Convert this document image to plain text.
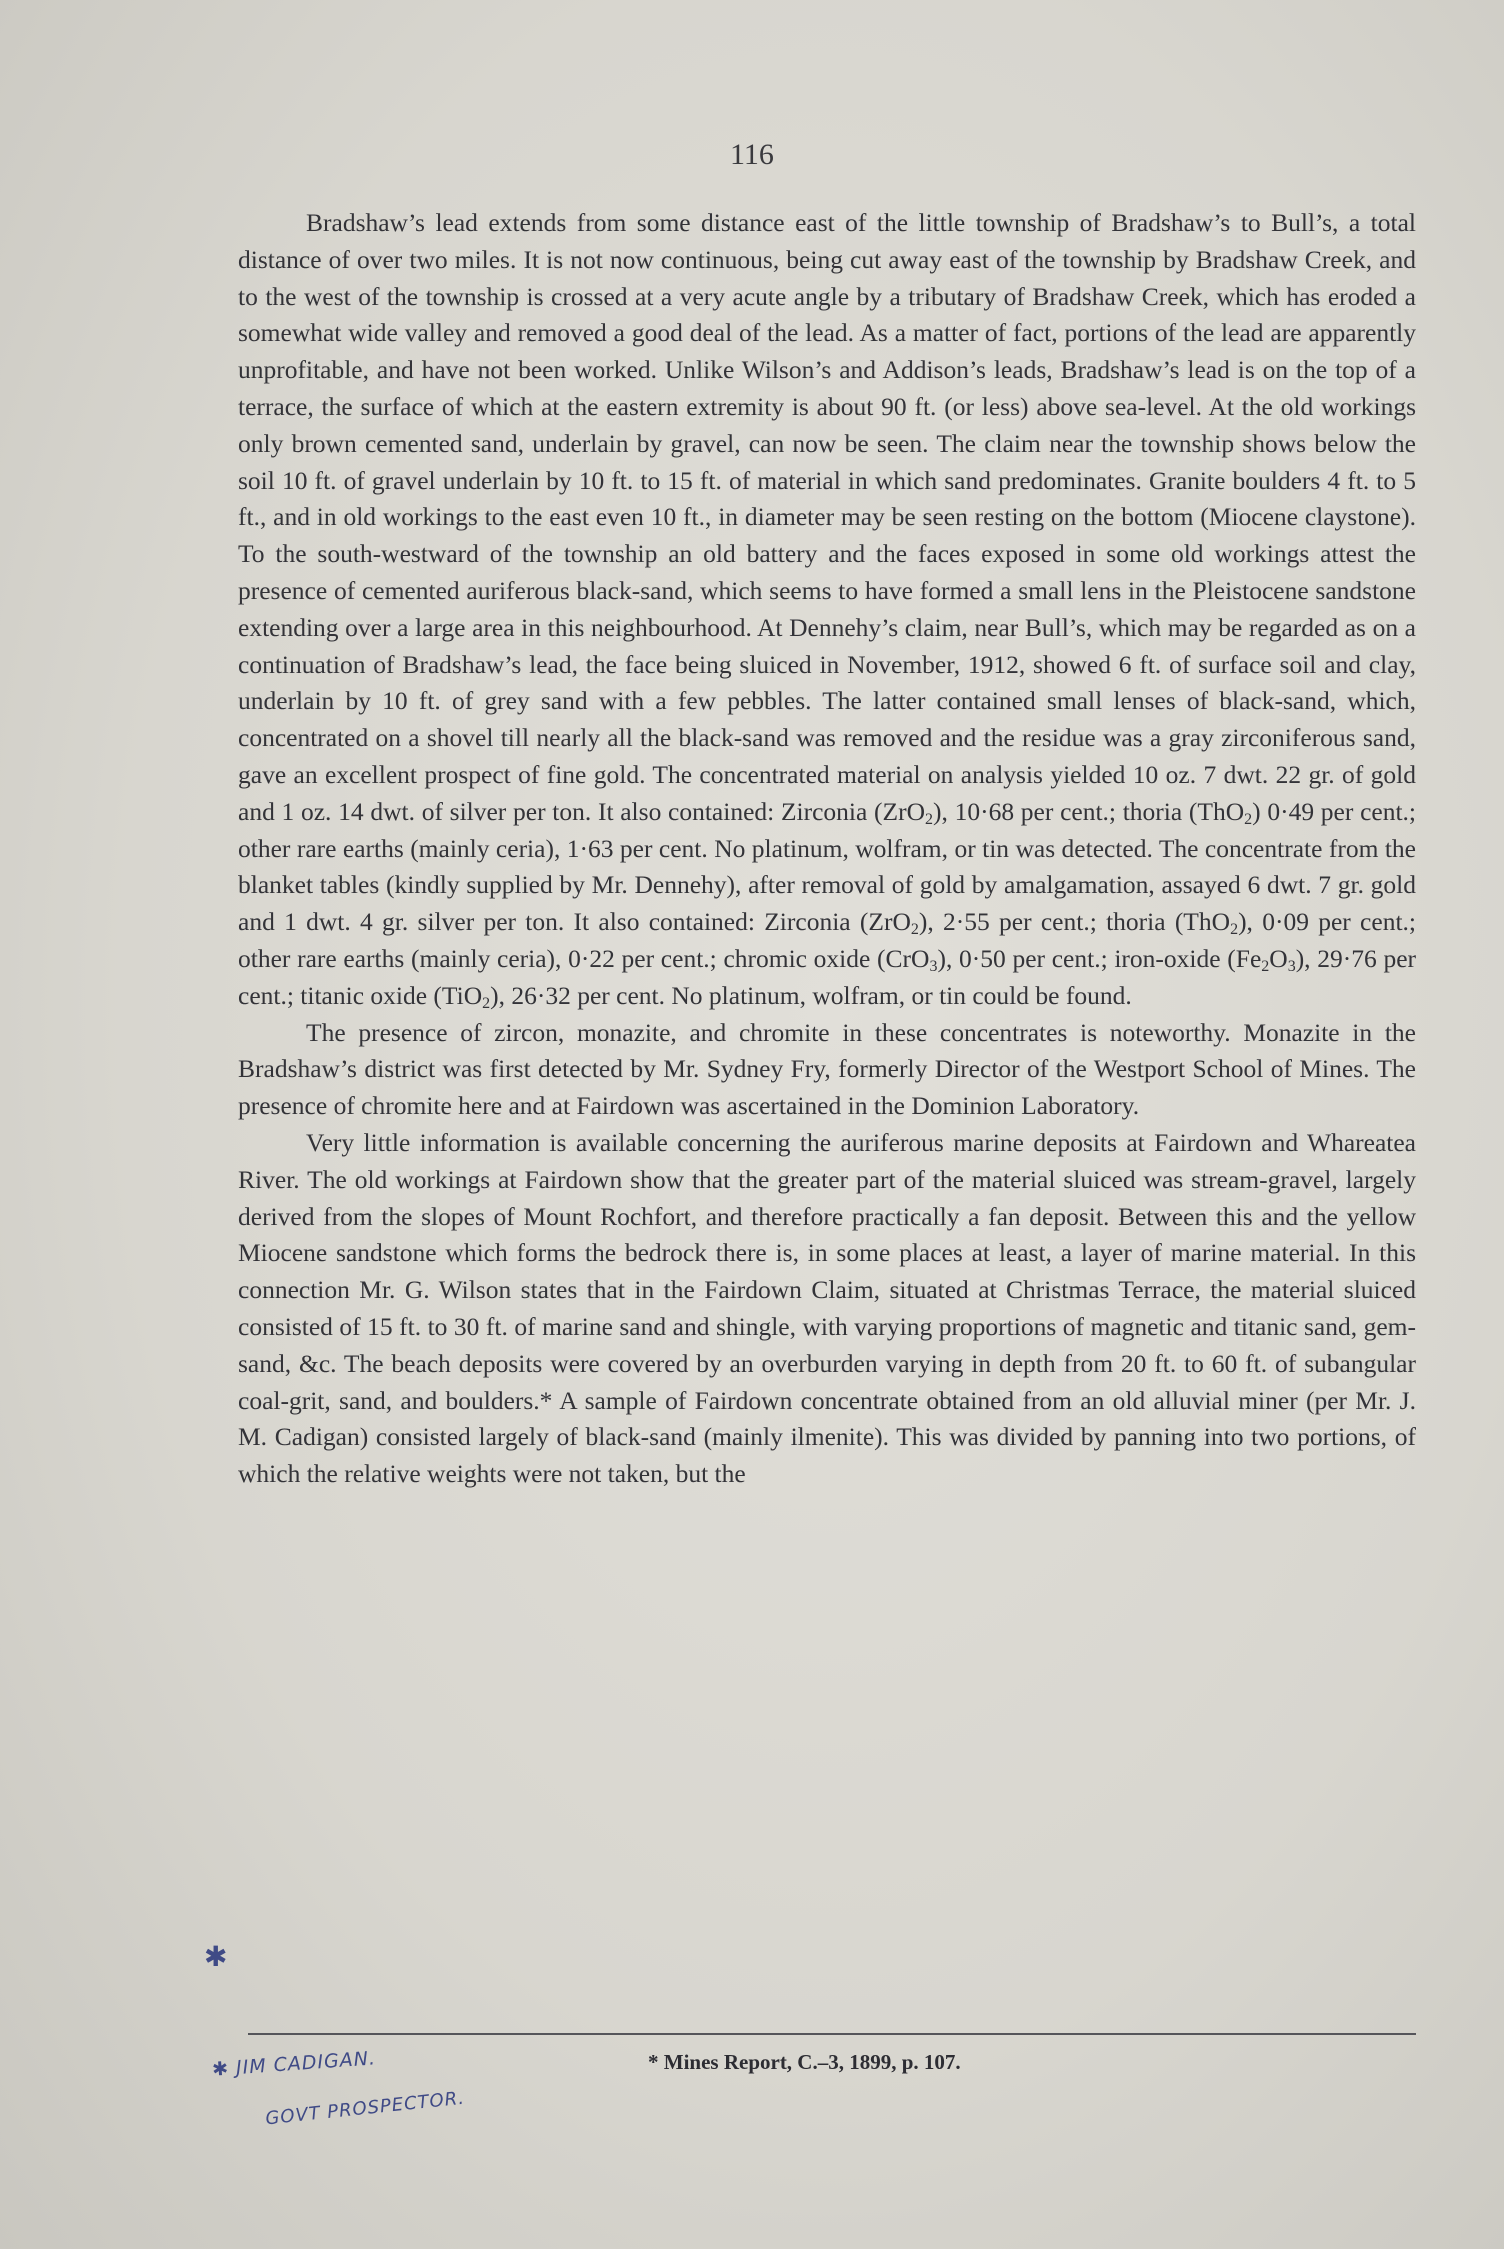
116

Bradshaw’s lead extends from some distance east of the little township of Bradshaw’s to Bull’s, a total distance of over two miles. It is not now continuous, being cut away east of the township by Bradshaw Creek, and to the west of the township is crossed at a very acute angle by a tributary of Bradshaw Creek, which has eroded a somewhat wide valley and removed a good deal of the lead. As a matter of fact, portions of the lead are apparently unprofitable, and have not been worked. Unlike Wilson’s and Addison’s leads, Bradshaw’s lead is on the top of a terrace, the surface of which at the eastern extremity is about 90 ft. (or less) above sea-level. At the old workings only brown cemented sand, underlain by gravel, can now be seen. The claim near the township shows below the soil 10 ft. of gravel underlain by 10 ft. to 15 ft. of material in which sand predominates. Granite boulders 4 ft. to 5 ft., and in old workings to the east even 10 ft., in diameter may be seen resting on the bottom (Miocene claystone). To the south-westward of the township an old battery and the faces exposed in some old workings attest the presence of cemented auriferous black-sand, which seems to have formed a small lens in the Pleistocene sandstone extending over a large area in this neighbourhood. At Dennehy’s claim, near Bull’s, which may be regarded as on a continuation of Bradshaw’s lead, the face being sluiced in November, 1912, showed 6 ft. of surface soil and clay, underlain by 10 ft. of grey sand with a few pebbles. The latter contained small lenses of black-sand, which, concentrated on a shovel till nearly all the black-sand was removed and the residue was a gray zirconiferous sand, gave an excellent prospect of fine gold. The concentrated material on analysis yielded 10 oz. 7 dwt. 22 gr. of gold and 1 oz. 14 dwt. of silver per ton. It also contained: Zirconia (ZrO$_2$), 10·68 per cent.; thoria (ThO$_2$) 0·49 per cent.; other rare earths (mainly ceria), 1·63 per cent. No platinum, wolfram, or tin was detected. The concentrate from the blanket tables (kindly supplied by Mr. Dennehy), after removal of gold by amalgamation, assayed 6 dwt. 7 gr. gold and 1 dwt. 4 gr. silver per ton. It also contained: Zirconia (ZrO$_2$), 2·55 per cent.; thoria (ThO$_2$), 0·09 per cent.; other rare earths (mainly ceria), 0·22 per cent.; chromic oxide (CrO$_3$), 0·50 per cent.; iron-oxide $(Fe_2O_3)$, 29·76 per cent.; titanic oxide (TiO$_2$), 26·32 per cent. No platinum, wolfram, or tin could be found.

The presence of zircon, monazite, and chromite in these concentrates is noteworthy. Monazite in the Bradshaw’s district was first detected by Mr. Sydney Fry, formerly Director of the Westport School of Mines. The presence of chromite here and at Fairdown was ascertained in the Dominion Laboratory.

Very little information is available concerning the auriferous marine deposits at Fairdown and Whareatea River. The old workings at Fairdown show that the greater part of the material sluiced was stream-gravel, largely derived from the slopes of Mount Rochfort, and therefore practically a fan deposit. Between this and the yellow Miocene sandstone which forms the bedrock there is, in some places at least, a layer of marine material. In this connection Mr. G. Wilson states that in the Fairdown Claim, situated at Christmas Terrace, the material sluiced consisted of 15 ft. to 30 ft. of marine sand and shingle, with varying proportions of magnetic and titanic sand, gem-sand, &c. The beach deposits were covered by an overburden varying in depth from 20 ft. to 60 ft. of subangular coal-grit, sand, and boulders.* A sample of Fairdown concentrate obtained from an old alluvial miner (per Mr. J. M. Cadigan) consisted largely of black-sand (mainly ilmenite). This was divided by panning into two portions, of which the relative weights were not taken, but the

✱
* Mines Report, C.–3, 1899, p. 107.
✱ JIM CADIGAN.
GOVT PROSPECTOR.
